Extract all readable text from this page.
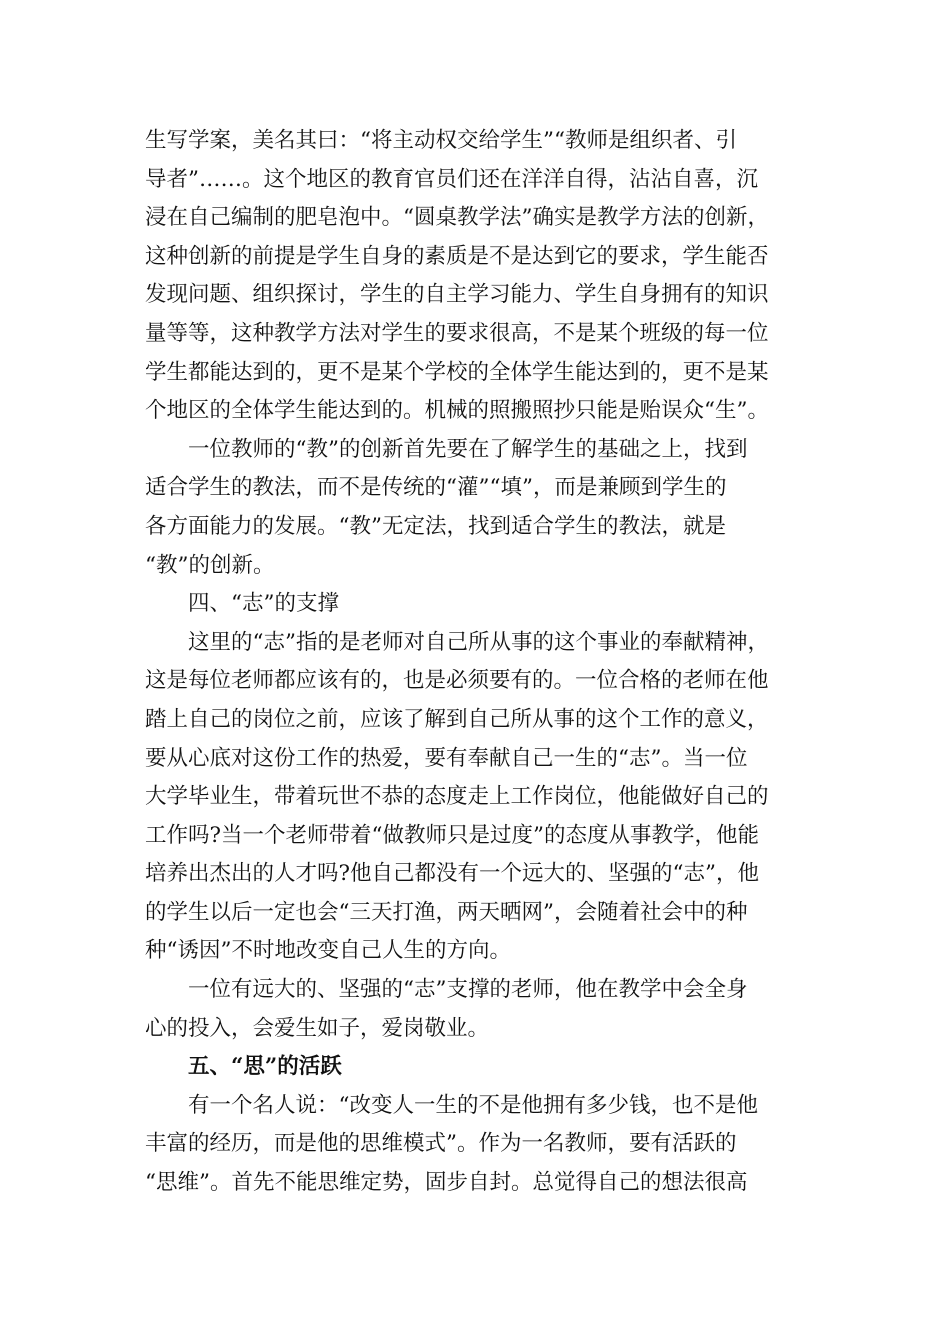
生写学案，美名其曰：“将主动权交给学生”“教师是组织者、引
导者”……。这个地区的教育官员们还在洋洋自得，沾沾自喜，沉
浸在自己编制的肥皂泡中。“圆桌教学法”确实是教学方法的创新，
这种创新的前提是学生自身的素质是不是达到它的要求，学生能否
发现问题、组织探讨，学生的自主学习能力、学生自身拥有的知识
量等等，这种教学方法对学生的要求很高，不是某个班级的每一位
学生都能达到的，更不是某个学校的全体学生能达到的，更不是某
个地区的全体学生能达到的。机械的照搬照抄只能是贻误众“生”。
一位教师的“教”的创新首先要在了解学生的基础之上，找到
适合学生的教法，而不是传统的“灌”“填”，而是兼顾到学生的
各方面能力的发展。“教”无定法，找到适合学生的教法，就是
“教”的创新。
四、“志”的支撑
这里的“志”指的是老师对自己所从事的这个事业的奉献精神，
这是每位老师都应该有的，也是必须要有的。一位合格的老师在他
踏上自己的岗位之前，应该了解到自己所从事的这个工作的意义，
要从心底对这份工作的热爱，要有奉献自己一生的“志”。当一位
大学毕业生，带着玩世不恭的态度走上工作岗位，他能做好自己的
工作吗?当一个老师带着“做教师只是过度”的态度从事教学，他能
培养出杰出的人才吗?他自己都没有一个远大的、坚强的“志”，他
的学生以后一定也会“三天打渔，两天晒网”，会随着社会中的种
种“诱因”不时地改变自己人生的方向。
一位有远大的、坚强的“志”支撑的老师，他在教学中会全身
心的投入，会爱生如子，爱岗敬业。
五、“思”的活跃
有一个名人说：“改变人一生的不是他拥有多少钱，也不是他
丰富的经历，而是他的思维模式”。作为一名教师，要有活跃的
“思维”。首先不能思维定势，固步自封。总觉得自己的想法很高
